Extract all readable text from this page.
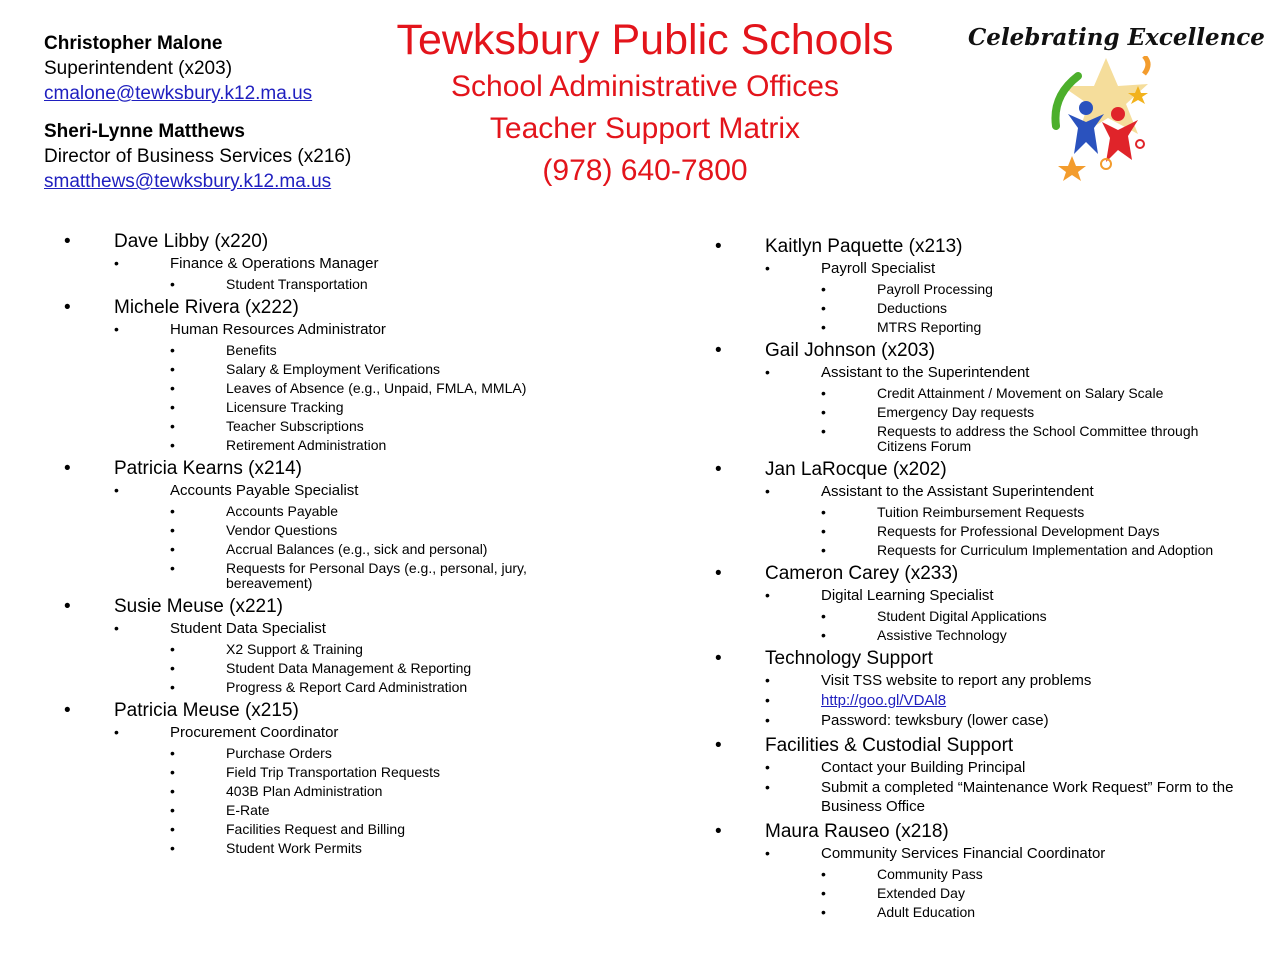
Christopher Malone
Superintendent (x203)
cmalone@tewksbury.k12.ma.us
Sheri-Lynne Matthews
Director of Business Services (x216)
smatthews@tewksbury.k12.ma.us
Tewksbury Public Schools
School Administrative Offices
Teacher Support Matrix
(978) 640-7800
Celebrating Excellence
• Dave Libby (x220)
•	Finance & Operations Manager
•	Student Transportation
• Michele Rivera (x222)
•	Human Resources Administrator
•	Benefits
•	Salary & Employment Verifications
•	Leaves of Absence (e.g., Unpaid, FMLA, MMLA)
•	Licensure Tracking
•	Teacher Subscriptions
•	Retirement Administration
• Patricia Kearns (x214)
•	Accounts Payable Specialist
•	Accounts Payable
•	Vendor Questions
•	Accrual Balances (e.g., sick and personal)
•	Requests for Personal Days (e.g., personal, jury, bereavement)
• Susie Meuse (x221)
•	Student Data Specialist
•	X2 Support & Training
•	Student Data Management & Reporting
•	Progress & Report Card Administration
• Patricia Meuse (x215)
•	Procurement Coordinator
•	Purchase Orders
•	Field Trip Transportation Requests
•	403B Plan Administration
•	E-Rate
•	Facilities Request and Billing
•	Student Work Permits
• Kaitlyn Paquette (x213)
•	Payroll Specialist
•	Payroll Processing
•	Deductions
•	MTRS Reporting
• Gail Johnson (x203)
•	Assistant to the Superintendent
•	Credit Attainment / Movement on Salary Scale
•	Emergency Day requests
•	Requests to address the School Committee through Citizens Forum
• Jan LaRocque (x202)
•	Assistant to the Assistant Superintendent
•	Tuition Reimbursement Requests
•	Requests for Professional Development Days
•	Requests for Curriculum Implementation and Adoption
• Cameron Carey (x233)
•	Digital Learning Specialist
•	Student Digital Applications
•	Assistive Technology
• Technology Support
•	Visit TSS website to report any problems
•	http://goo.gl/VDAl8
•	Password: tewksbury (lower case)
• Facilities & Custodial Support
•	Contact your Building Principal
•	Submit a completed “Maintenance Work Request” Form to the Business Office
• Maura Rauseo (x218)
•	Community Services Financial Coordinator
•	Community Pass
•	Extended Day
•	Adult Education
